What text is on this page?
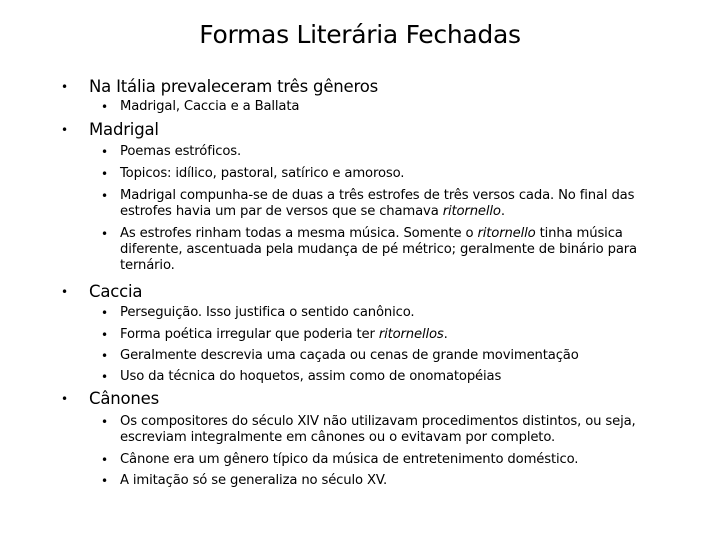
Formas Literária Fechadas
• Na Itália prevaleceram três gêneros
• Madrigal, Caccia e a Ballata
• Madrigal
• Poemas estróficos.
• Topicos: idílico, pastoral, satírico e amoroso.
• Madrigal compunha-se de duas a três estrofes de três versos cada. No final das estrofes havia um par de versos que se chamava ritornello.
• As estrofes rinham todas a mesma música. Somente o ritornello tinha música diferente, ascentuada pela mudança de pé métrico; geralmente de binário para ternário.
• Caccia
• Perseguição. Isso justifica o sentido canônico.
• Forma poética irregular que poderia ter ritornellos.
• Geralmente descrevia uma caçada ou cenas de grande movimentação
• Uso da técnica do hoquetos, assim como de onomatopéias
• Cânones
• Os compositores do século XIV não utilizavam procedimentos distintos, ou seja, escreviam integralmente em cânones ou o evitavam por completo.
• Cânone era um gênero típico da música de entretenimento doméstico.
• A imitação só se generaliza no século XV.
